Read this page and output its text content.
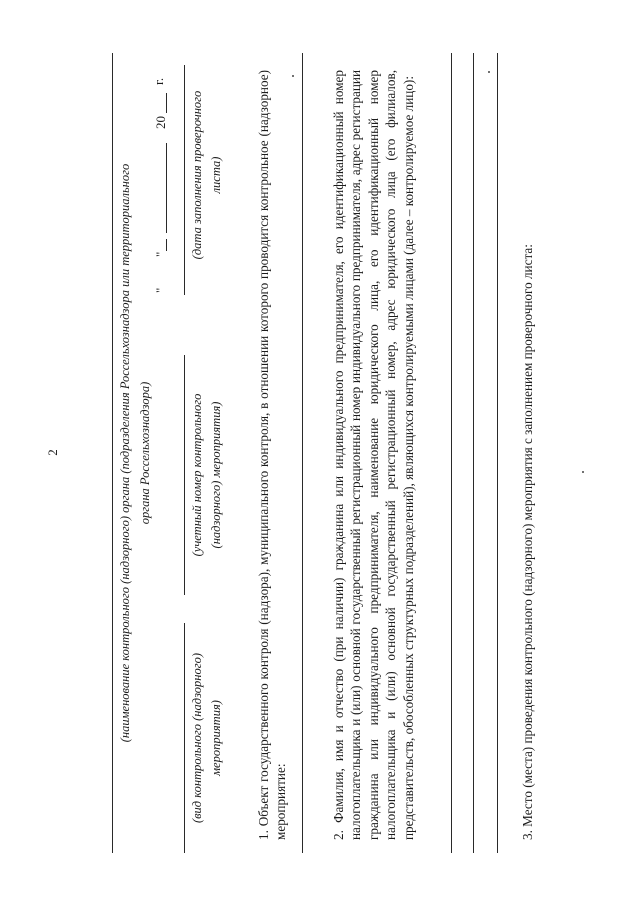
2	(наименование контрольного (надзорного) органа (подразделения Россельхознадзора или территориального органа Россельхознадзора)
"
"
20
г.
(вид контрольного (надзорного) мероприятия)
(учетный номер контрольного (надзорного) мероприятия)
(дата заполнения проверочного листа)	1. Объект государственного контроля (надзора), муниципального контроля, в отношении которого проводится контрольное (надзорное) мероприятие:	2. Фамилия, имя и отчество (при наличии) гражданина или индивидуального предпринимателя, его идентификационный номер налогоплательщика и (или) основной государственный регистрационный номер индивидуального предпринимателя, адрес регистрации гражданина или индивидуального предпринимателя, наименование юридического лица, его идентификационный номер налогоплательщика и (или) основной государственный регистрационный номер, адрес юридического лица (его филиалов, представительств, обособленных структурных подразделений), являющихся контролируемыми лицами (далее – контролируемое лицо):	3. Место (места) проведения контрольного (надзорного) мероприятия с заполнением проверочного листа:
